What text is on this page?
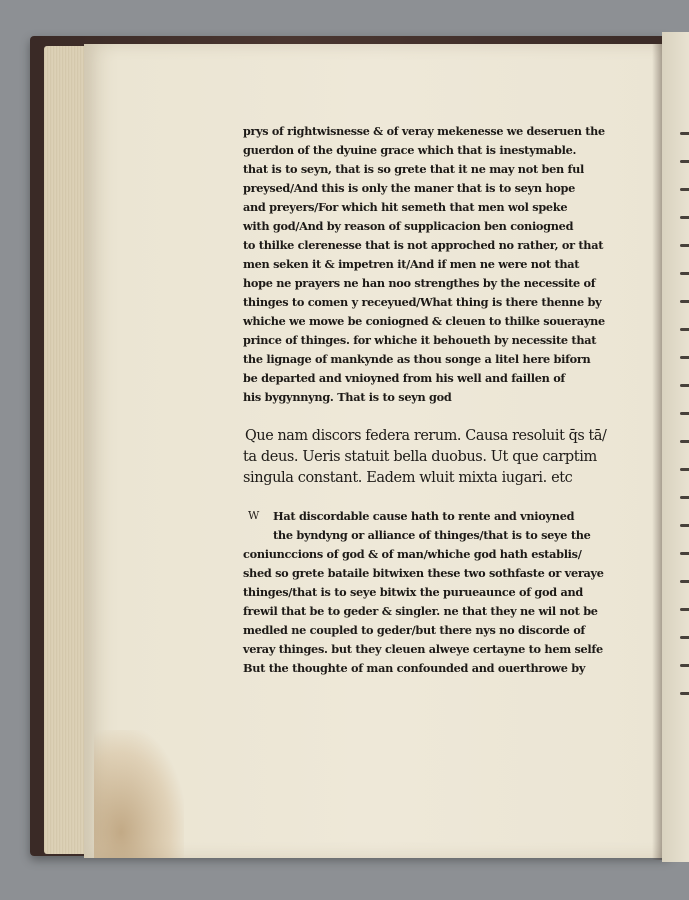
prys of rightwisnesse & of veray mekenesse we deseruen the
guerdon of the dyuine grace which that is inestymable.
that is to seyn, that is so grete that it ne may not ben ful
preysed/And this is only the maner that is to seyn hope
and preyers/For which hit semeth that men wol speke
with god/And by reason of supplicacion ben coniogned
to thilke clerenesse that is not approched no rather, or that
men seken it & impetren it/And if men ne were not that
hope ne prayers ne han noo strengthes by the necessite of
thinges to comen y receyued/What thing is there thenne by
whiche we mowe be coniogned & cleuen to thilke souerayne
prince of thinges. for whiche it behoueth by necessite that
the lignage of mankynde as thou songe a litel here biforn
be departed and vnioyned from his well and faillen of
his bygynnyng. That is to seyn god
Que nam discors federa rerum. Causa resoluit q̄s tā/
ta deus. Ueris statuit bella duobus. Ut que carptim
singula constant. Eadem wluit mixta iugari. etc
W	Hat discordable cause hath to rente and vnioyned
the byndyng or alliance of thinges/that is to seye the
coniunccions of god & of man/whiche god hath establis/
shed so grete bataile bitwixen these two sothfaste or veraye
thinges/that is to seye bitwix the purueaunce of god and
frewil that be to geder & singler. ne that they ne wil not be
medled ne coupled to geder/but there nys no discorde of
veray thinges. but they cleuen alweye certayne to hem selfe
But the thoughte of man confounded and ouerthrowe by
